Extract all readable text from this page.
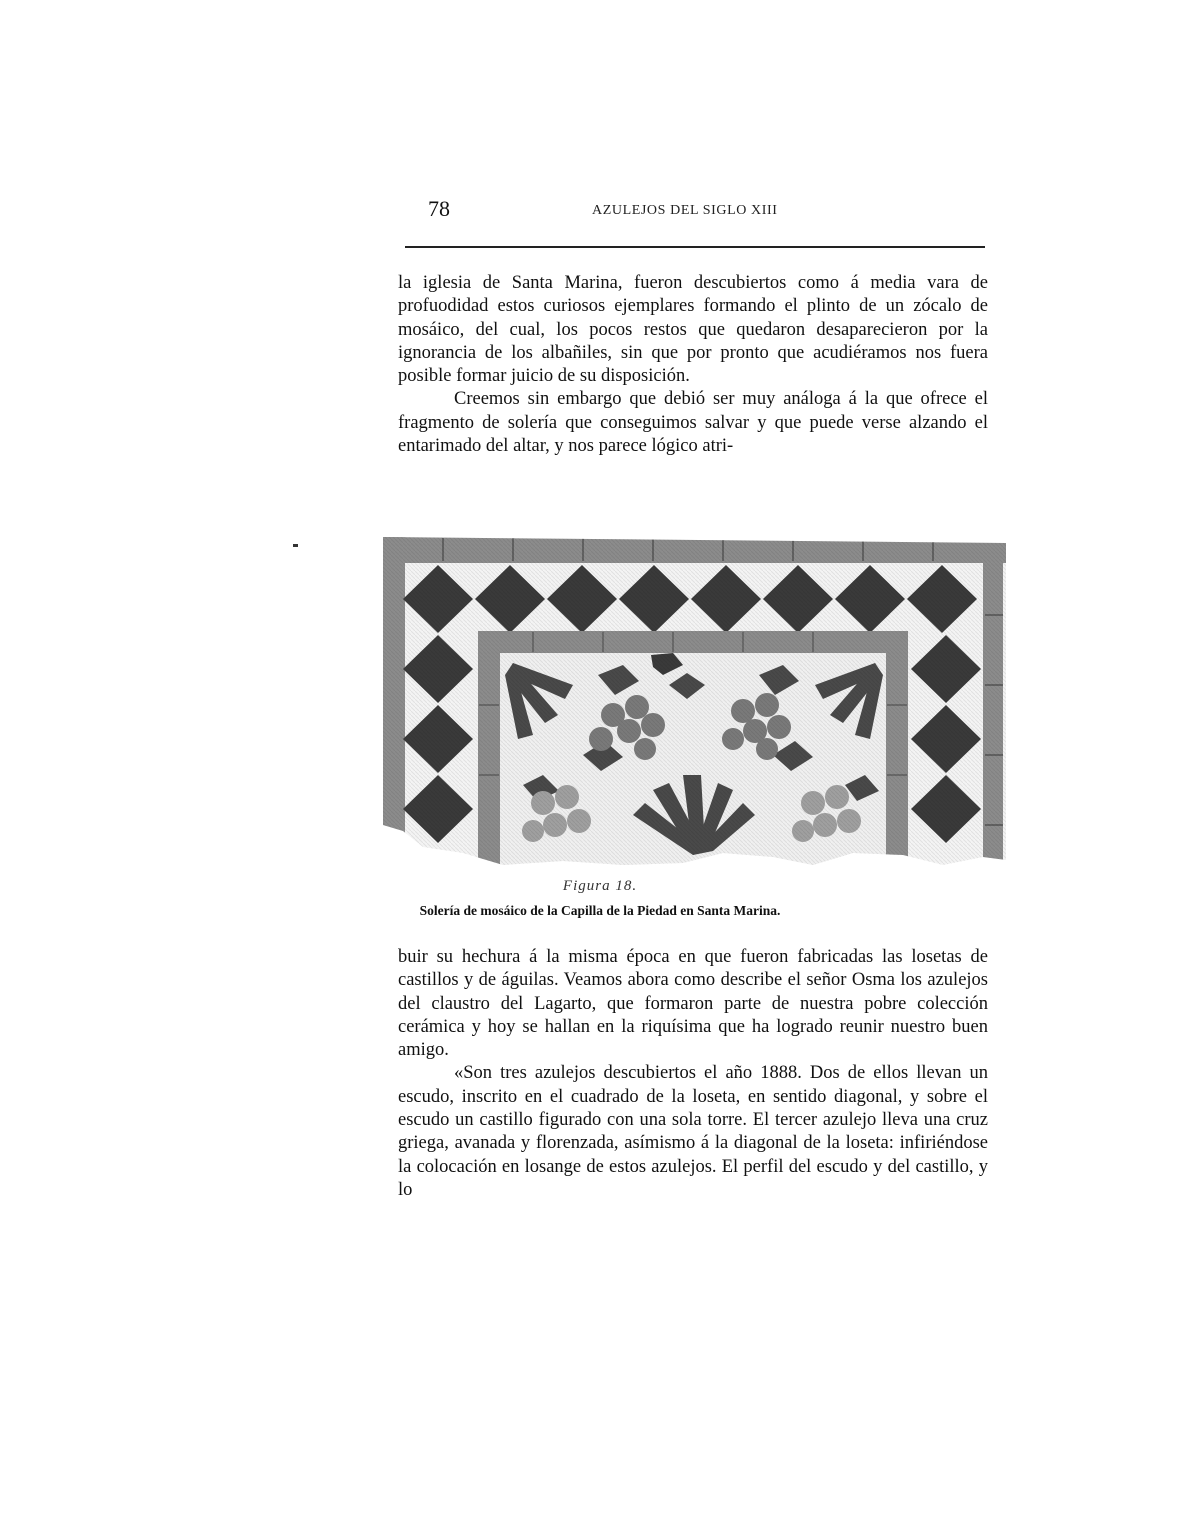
78	AZULEJOS DEL SIGLO XIII

la iglesia de Santa Marina, fueron descubiertos como á media vara de profuodidad estos curiosos ejemplares formando el plinto de un zócalo de mosáico, del cual, los pocos restos que quedaron desaparecieron por la ignorancia de los albañiles, sin que por pronto que acudiéramos nos fuera posible formar juicio de su disposición.

Creemos sin embargo que debió ser muy análoga á la que ofrece el fragmento de solería que conseguimos salvar y que puede verse alzando el entarimado del altar, y nos parece lógico atri-

Figura 18.
Solería de mosáico de la Capilla de la Piedad en Santa Marina.

buir su hechura á la misma época en que fueron fabricadas las losetas de castillos y de águilas. Veamos abora como describe el señor Osma los azulejos del claustro del Lagarto, que formaron parte de nuestra pobre colección cerámica y hoy se hallan en la riquísima que ha logrado reunir nuestro buen amigo.

«Son tres azulejos descubiertos el año 1888. Dos de ellos llevan un escudo, inscrito en el cuadrado de la loseta, en sentido diagonal, y sobre el escudo un castillo figurado con una sola torre. El tercer azulejo lleva una cruz griega, avanada y florenzada, asímismo á la diagonal de la loseta: infiriéndose la colocación en losange de estos azulejos. El perfil del escudo y del castillo, y lo
